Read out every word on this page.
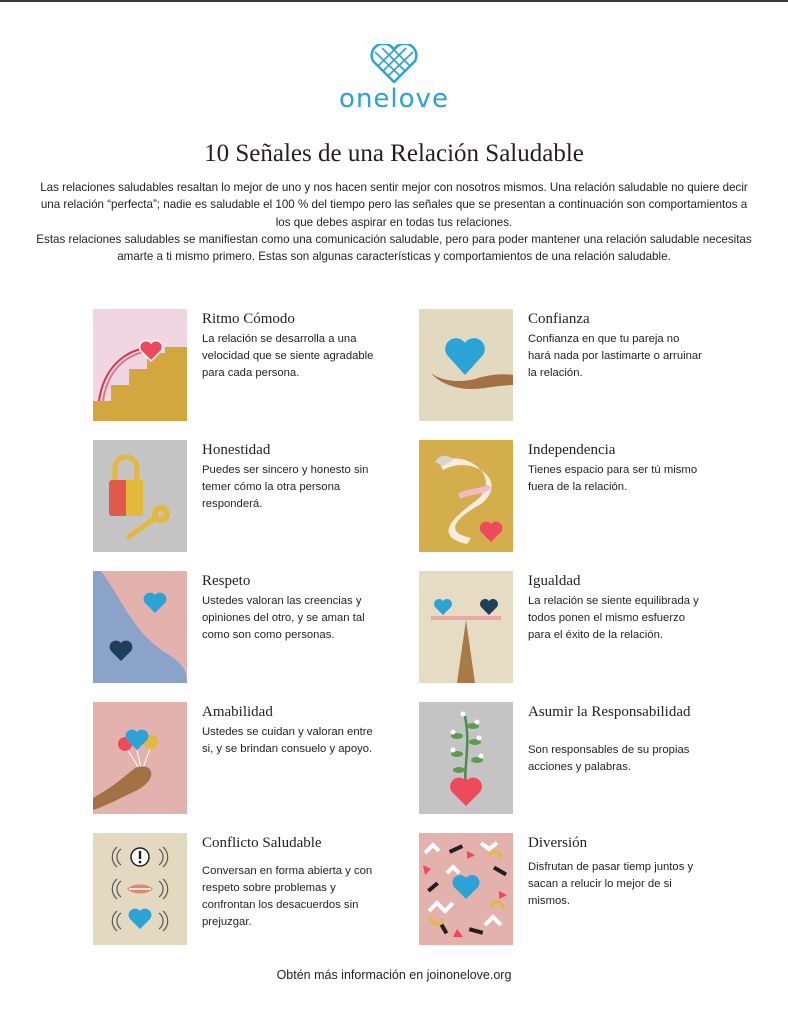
onelove
10 Señales de una Relación Saludable

Las relaciones saludables resaltan lo mejor de uno y nos hacen sentir mejor con nosotros mismos. Una relación saludable no quiere decir una relación “perfecta”; nadie es saludable el 100 % del tiempo pero las señales que se presentan a continuación son comportamientos a los que debes aspirar en todas tus relaciones.

Estas relaciones saludables se manifiestan como una comunicación saludable, pero para poder mantener una relación saludable necesitas amarte a ti mismo primero. Estas son algunas características y comportamientos de una relación saludable.

Ritmo Cómodo
La relación se desarrolla a una velocidad que se siente agradable para cada persona.
Confianza
Confianza en que tu pareja no hará nada por lastimarte o arruinar la relación.
Honestidad
Puedes ser sincero y honesto sin temer cómo la otra persona responderá.
Independencia
Tienes espacio para ser tú mismo fuera de la relación.
Respeto
Ustedes valoran las creencias y opiniones del otro, y se aman tal como son como personas.
Igualdad
La relación se siente equilibrada y todos ponen el mismo esfuerzo para el éxito de la relación.
Amabilidad
Ustedes se cuidan y valoran entre si, y se brindan consuelo y apoyo.
Asumir la Responsabilidad
Son responsables de su propias acciones y palabras.
Conflicto Saludable
Conversan en forma abierta y con respeto sobre problemas y confrontan los desacuerdos sin prejuzgar.
Diversión
Disfrutan de pasar tiemp juntos y sacan a relucir lo mejor de si mismos.
Obtén más información en joinonelove.org
